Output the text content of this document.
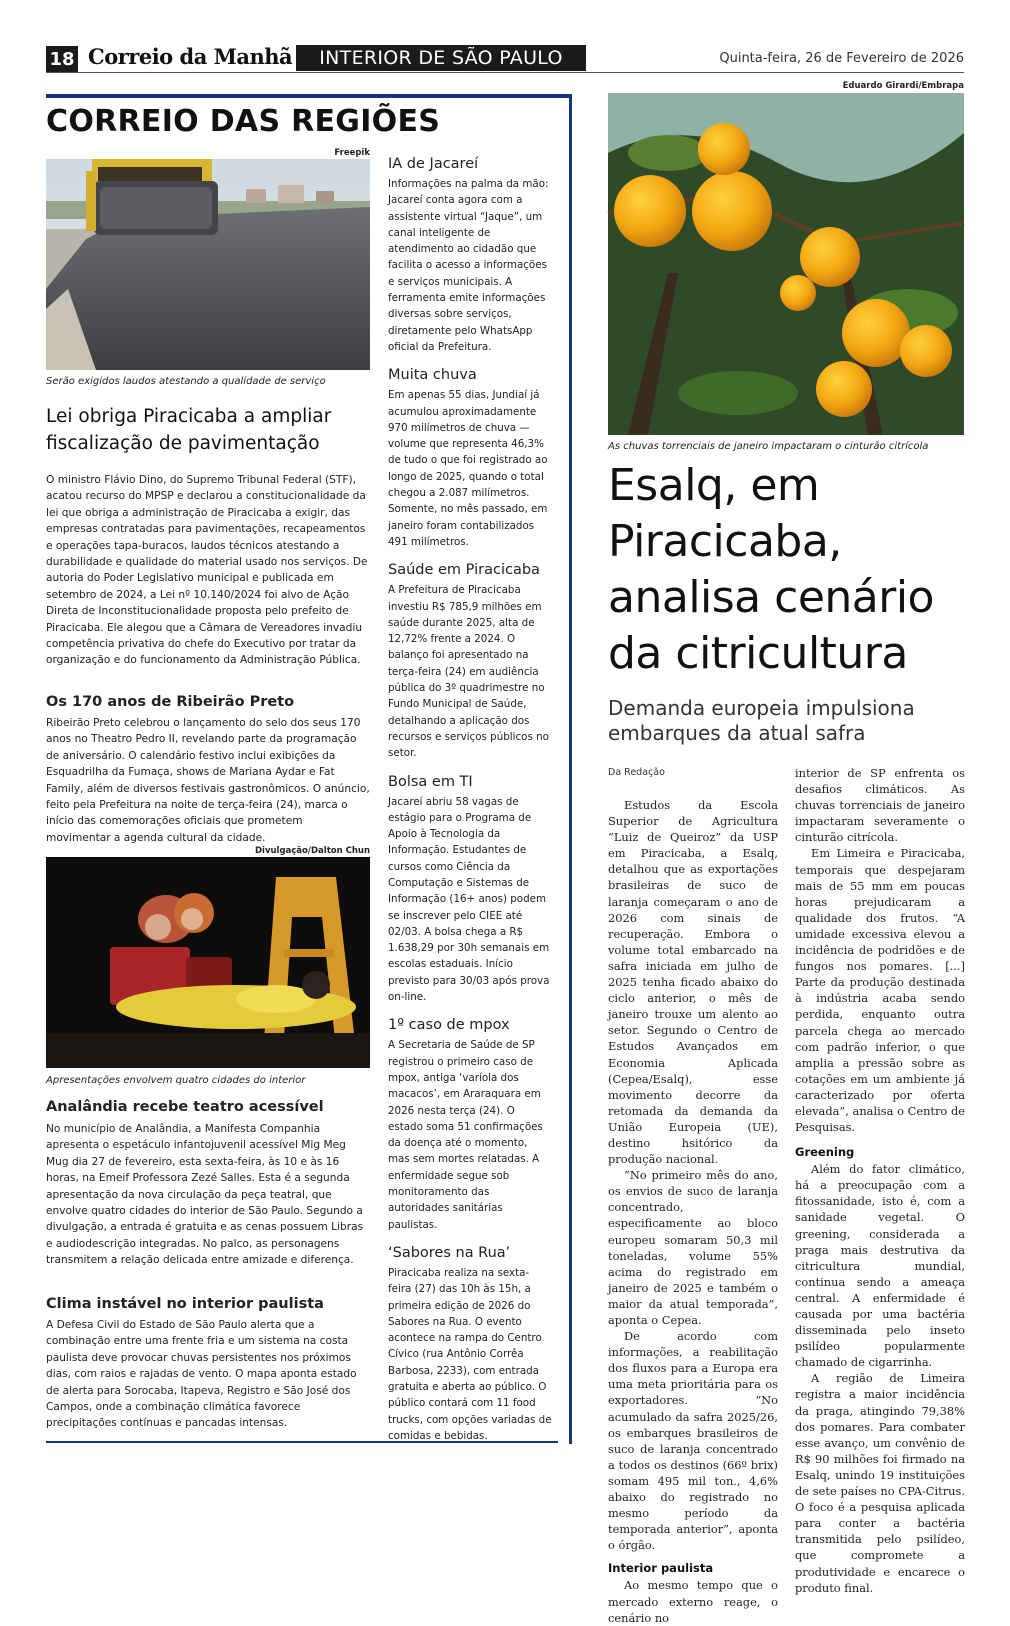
18 Correio da Manhã	INTERIOR DE SÃO PAULO	Quinta-feira, 26 de Fevereiro de 2026
CORREIO DAS REGIÕES
Freepik
Serão exigidos laudos atestando a qualidade de serviço
Lei obriga Piracicaba a ampliar fiscalização de pavimentação
O ministro Flávio Dino, do Supremo Tribunal Federal (STF), acatou recurso do MPSP e declarou a constitucionalidade da lei que obriga a administração de Piracicaba a exigir, das empresas contratadas para pavimentações, recapeamentos e operações tapa-buracos, laudos técnicos atestando a durabilidade e qualidade do material usado nos serviços. De autoria do Poder Legislativo municipal e publicada em setembro de 2024, a Lei nº 10.140/2024 foi alvo de Ação Direta de Inconstitucionalidade proposta pelo prefeito de Piracicaba. Ele alegou que a Câmara de Vereadores invadiu competência privativa do chefe do Executivo por tratar da organização e do funcionamento da Administração Pública.
Os 170 anos de Ribeirão Preto
Ribeirão Preto celebrou o lançamento do selo dos seus 170 anos no Theatro Pedro II, revelando parte da programação de aniversário. O calendário festivo inclui exibições da Esquadrilha da Fumaça, shows de Mariana Aydar e Fat Family, além de diversos festivais gastronômicos. O anúncio, feito pela Prefeitura na noite de terça-feira (24), marca o início das comemorações oficiais que prometem movimentar a agenda cultural da cidade.
Divulgação/Dalton Chun
Apresentações envolvem quatro cidades do interior
Analândia recebe teatro acessível
No município de Analândia, a Manifesta Companhia apresenta o espetáculo infantojuvenil acessível Mig Meg Mug dia 27 de fevereiro, esta sexta-feira, às 10 e às 16 horas, na Emeif Professora Zezé Salles. Esta é a segunda apresentação da nova circulação da peça teatral, que envolve quatro cidades do interior de São Paulo. Segundo a divulgação, a entrada é gratuita e as cenas possuem Libras e audiodescrição integradas. No palco, as personagens transmitem a relação delicada entre amizade e diferença.
Clima instável no interior paulista
A Defesa Civil do Estado de São Paulo alerta que a combinação entre uma frente fria e um sistema na costa paulista deve provocar chuvas persistentes nos próximos dias, com raios e rajadas de vento. O mapa aponta estado de alerta para Sorocaba, Itapeva, Registro e São José dos Campos, onde a combinação climática favorece precipitações contínuas e pancadas intensas.
IA de Jacareí
Informações na palma da mão: Jacareí conta agora com a assistente virtual “Jaque”, um canal inteligente de atendimento ao cidadão que facilita o acesso a informações e serviços municipais. A ferramenta emite informações diversas sobre serviços, diretamente pelo WhatsApp oficial da Prefeitura.
Muita chuva
Em apenas 55 dias, Jundiaí já acumulou aproximadamente 970 milímetros de chuva — volume que representa 46,3% de tudo o que foi registrado ao longo de 2025, quando o total chegou a 2.087 milímetros. Somente, no mês passado, em janeiro foram contabilizados 491 milímetros.
Saúde em Piracicaba
A Prefeitura de Piracicaba investiu R$ 785,9 milhões em saúde durante 2025, alta de 12,72% frente a 2024. O balanço foi apresentado na terça-feira (24) em audiência pública do 3º quadrimestre no Fundo Municipal de Saúde, detalhando a aplicação dos recursos e serviços públicos no setor.
Bolsa em TI
Jacareí abriu 58 vagas de estágio para o Programa de Apoio à Tecnologia da Informação. Estudantes de cursos como Ciência da Computação e Sistemas de Informação (16+ anos) podem se inscrever pelo CIEE até 02/03. A bolsa chega a R$ 1.638,29 por 30h semanais em escolas estaduais. Início previsto para 30/03 após prova on-line.
1º caso de mpox
A Secretaria de Saúde de SP registrou o primeiro caso de mpox, antiga ‘varíola dos macacos’, em Araraquara em 2026 nesta terça (24). O estado soma 51 confirmações da doença até o momento, mas sem mortes relatadas. A enfermidade segue sob monitoramento das autoridades sanitárias paulistas.
‘Sabores na Rua’
Piracicaba realiza na sexta-feira (27) das 10h às 15h, a primeira edição de 2026 do Sabores na Rua. O evento acontece na rampa do Centro Cívico (rua Antônio Corrêa Barbosa, 2233), com entrada gratuita e aberta ao público. O público contará com 11 food trucks, com opções variadas de comidas e bebidas.
Eduardo Girardi/Embrapa
As chuvas torrenciais de janeiro impactaram o cinturão citrícola
Esalq, em Piracicaba, analisa cenário da citricultura
Demanda europeia impulsiona embarques da atual safra
Da Redação

Estudos da Escola Superior de Agricultura “Luiz de Queiroz” da USP em Piracicaba, a Esalq, detalhou que as exportações brasileiras de suco de laranja começaram o ano de 2026 com sinais de recuperação. Embora o volume total embarcado na safra iniciada em julho de 2025 tenha ficado abaixo do ciclo anterior, o mês de janeiro trouxe um alento ao setor. Segundo o Centro de Estudos Avançados em Economia Aplicada (Cepea/Esalq), esse movimento decorre da retomada da demanda da União Europeia (UE), destino hsitórico da produção nacional.

“No primeiro mês do ano, os envios de suco de laranja concentrado, especificamente ao bloco europeu somaram 50,3 mil toneladas, volume 55% acima do registrado em janeiro de 2025 e também o maior da atual temporada”, aponta o Cepea.

De acordo com informações, a reabilitação dos fluxos para a Europa era uma meta prioritária para os exportadores. “No acumulado da safra 2025/26, os embarques brasileiros de suco de laranja concentrado a todos os destinos (66º brix) somam 495 mil ton., 4,6% abaixo do registrado no mesmo período da temporada anterior”, aponta o órgão.

Interior paulista

Ao mesmo tempo que o mercado externo reage, o cenário no

interior de SP enfrenta os desafios climáticos. As chuvas torrenciais de janeiro impactaram severamente o cinturão citrícola.

Em Limeira e Piracicaba, temporais que despejaram mais de 55 mm em poucas horas prejudicaram a qualidade dos frutos. “A umidade excessiva elevou a incidência de podridões e de fungos nos pomares. [...] Parte da produção destinada à indústria acaba sendo perdida, enquanto outra parcela chega ao mercado com padrão inferior, o que amplia a pressão sobre as cotações em um ambiente já caracterizado por oferta elevada”, analisa o Centro de Pesquisas.

Greening

Além do fator climático, há a preocupação com a fitossanidade, isto é, com a sanidade vegetal. O greening, considerada a praga mais destrutiva da citricultura mundial, continua sendo a ameaça central. A enfermidade é causada por uma bactéria disseminada pelo inseto psilídeo popularmente chamado de cigarrinha.

A região de Limeira registra a maior incidência da praga, atingindo 79,38% dos pomares. Para combater esse avanço, um convênio de R$ 90 milhões foi firmado na Esalq, unindo 19 instituições de sete países no CPA-Citrus. O foco é a pesquisa aplicada para conter a bactéria transmitida pelo psilídeo, que compromete a produtividade e encarece o produto final.
